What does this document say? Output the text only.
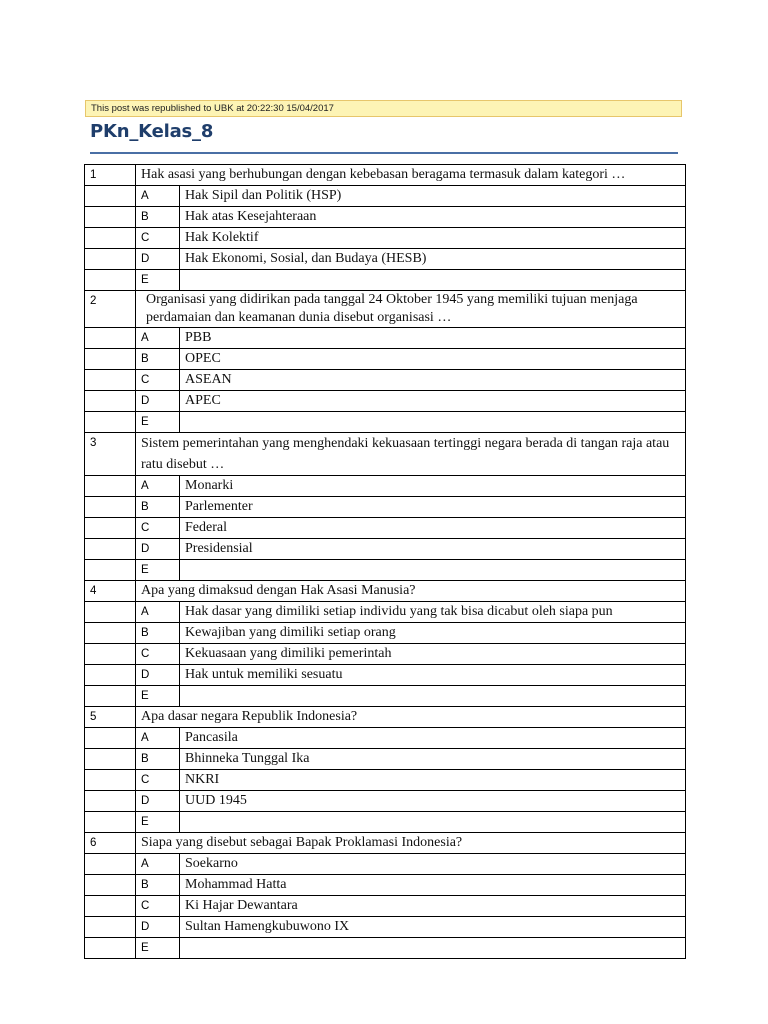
This post was republished to UBK at 20:22:30 15/04/2017
PKn_Kelas_8
1	Hak asasi yang berhubungan dengan kebebasan beragama termasuk dalam kategori …	
	A	Hak Sipil dan Politik (HSP)
	B	Hak atas Kesejahteraan
	C	Hak Kolektif
	D	Hak Ekonomi, Sosial, dan Budaya (HESB)
	E	
2	Organisasi yang didirikan pada tanggal 24 Oktober 1945 yang memiliki tujuan menjaga perdamaian dan keamanan dunia disebut organisasi …	
	A	PBB
	B	OPEC
	C	ASEAN
	D	APEC
	E	
3	Sistem pemerintahan yang menghendaki kekuasaan tertinggi negara berada di tangan raja atau ratu disebut …	
	A	Monarki
	B	Parlementer
	C	Federal
	D	Presidensial
	E	
4	Apa yang dimaksud dengan Hak Asasi Manusia?	
	A	Hak dasar yang dimiliki setiap individu yang tak bisa dicabut oleh siapa pun
	B	Kewajiban yang dimiliki setiap orang
	C	Kekuasaan yang dimiliki pemerintah
	D	Hak untuk memiliki sesuatu
	E	
5	Apa dasar negara Republik Indonesia?	
	A	Pancasila
	B	Bhinneka Tunggal Ika
	C	NKRI
	D	UUD 1945
	E	
6	Siapa yang disebut sebagai Bapak Proklamasi Indonesia?	
	A	Soekarno
	B	Mohammad Hatta
	C	Ki Hajar Dewantara
	D	Sultan Hamengkubuwono IX
	E	
